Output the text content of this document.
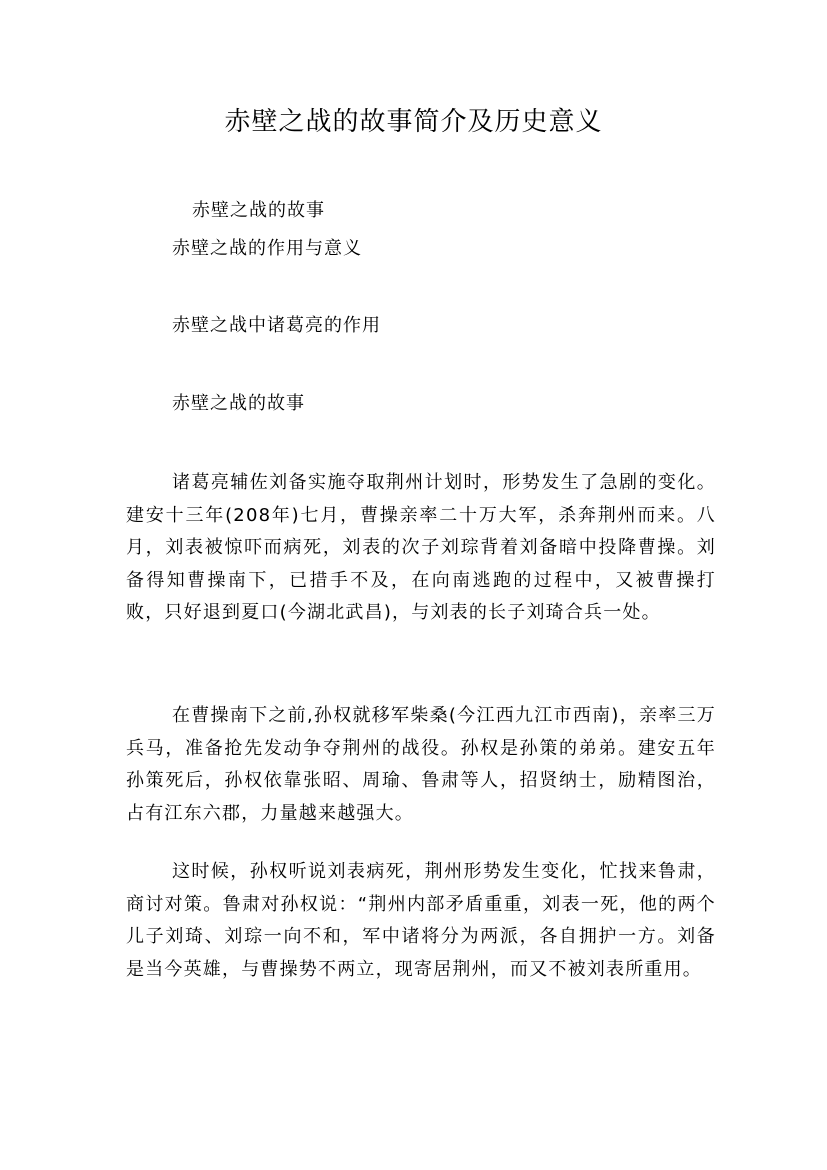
赤壁之战的故事简介及历史意义
赤壁之战的故事
赤壁之战的作用与意义
赤壁之战中诸葛亮的作用
赤壁之战的故事

诸葛亮辅佐刘备实施夺取荆州计划时，形势发生了急剧的变化。建安十三年(208年)七月，曹操亲率二十万大军，杀奔荆州而来。八月，刘表被惊吓而病死，刘表的次子刘琮背着刘备暗中投降曹操。刘备得知曹操南下，已措手不及，在向南逃跑的过程中，又被曹操打败，只好退到夏口(今湖北武昌)，与刘表的长子刘琦合兵一处。

在曹操南下之前,孙权就移军柴桑(今江西九江市西南)，亲率三万兵马，准备抢先发动争夺荆州的战役。孙权是孙策的弟弟。建安五年孙策死后，孙权依靠张昭、周瑜、鲁肃等人，招贤纳士，励精图治，占有江东六郡，力量越来越强大。

这时候，孙权听说刘表病死，荆州形势发生变化，忙找来鲁肃，商讨对策。鲁肃对孙权说：“荆州内部矛盾重重，刘表一死，他的两个儿子刘琦、刘琮一向不和，军中诸将分为两派，各自拥护一方。刘备是当今英雄，与曹操势不两立，现寄居荆州，而又不被刘表所重用。
